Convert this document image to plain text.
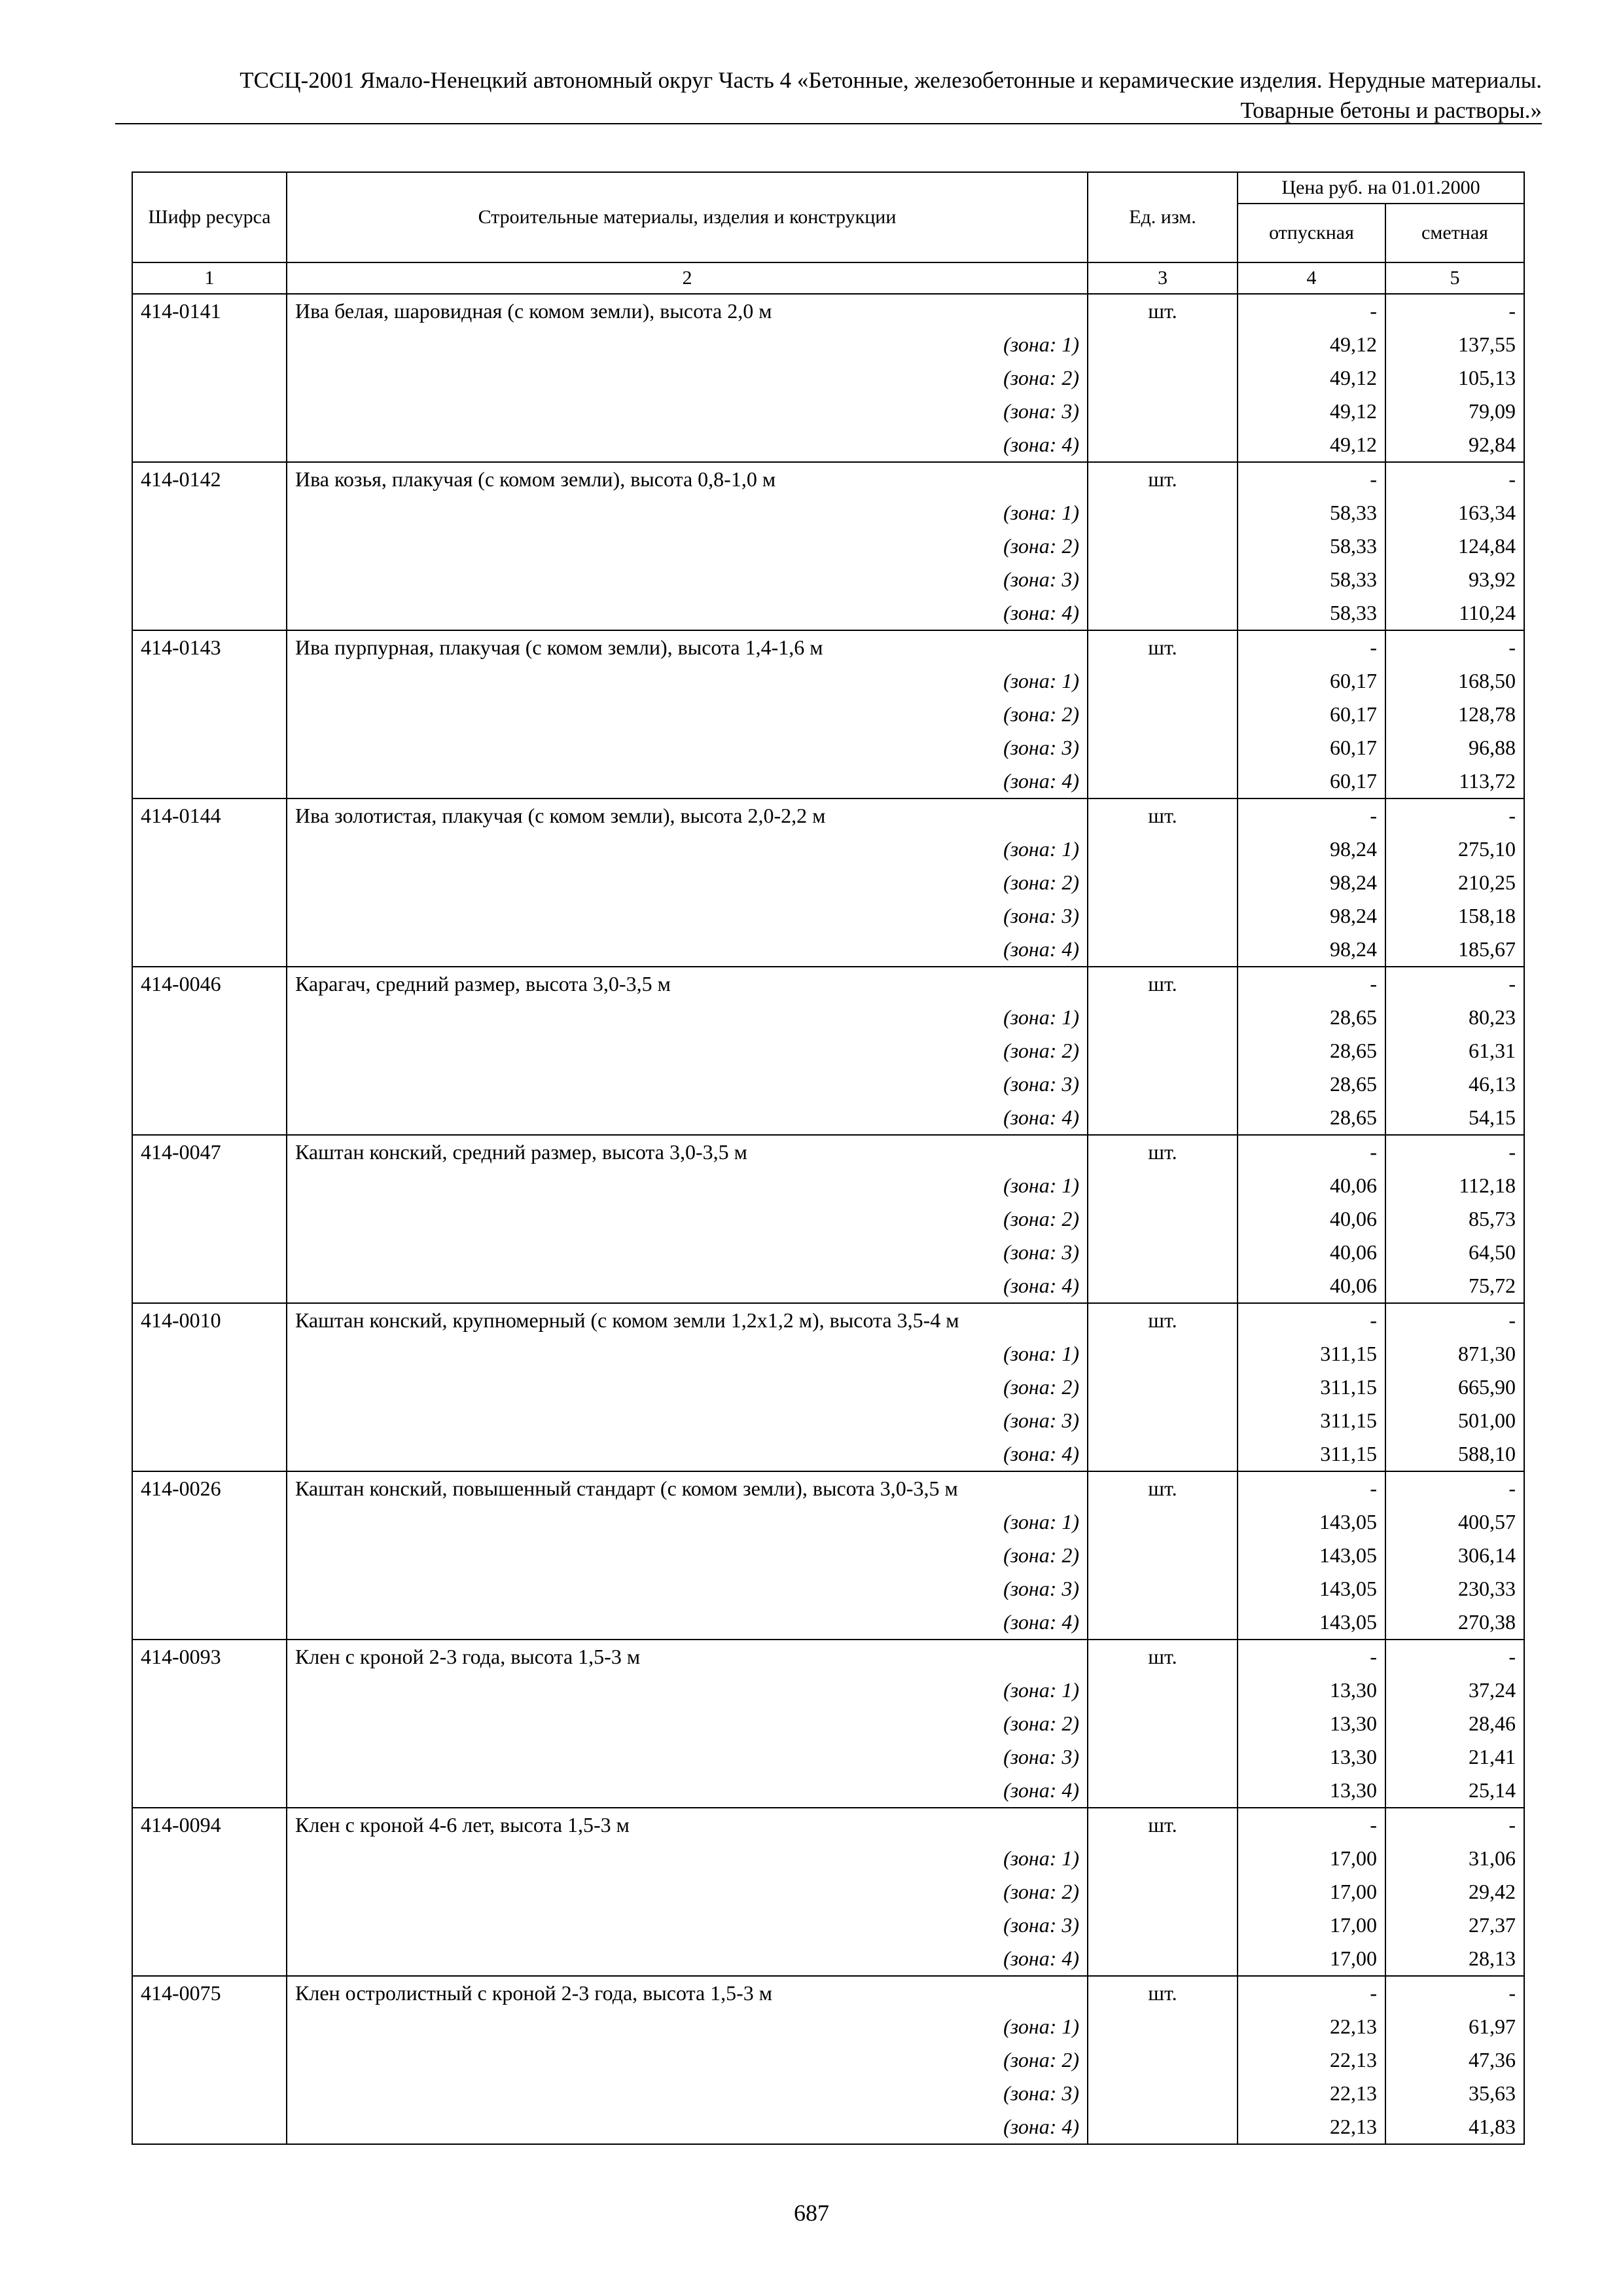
ТССЦ-2001 Ямало-Ненецкий автономный округ Часть 4 «Бетонные, железобетонные и керамические изделия. Нерудные материалы.
Товарные бетоны и растворы.»
Шифр ресурса	Строительные материалы, изделия и конструкции	Ед. изм.	Цена руб. на 01.01.2000	
			отпускная	сметная
1	2	3	4	5
414-0141	Ива белая, шаровидная (с комом земли), высота 2,0 м	шт.	-	-
	(зона: 1)		49,12	137,55
	(зона: 2)		49,12	105,13
	(зона: 3)		49,12	79,09
	(зона: 4)		49,12	92,84
414-0142	Ива козья, плакучая (с комом земли), высота 0,8-1,0 м	шт.	-	-
	(зона: 1)		58,33	163,34
	(зона: 2)		58,33	124,84
	(зона: 3)		58,33	93,92
	(зона: 4)		58,33	110,24
414-0143	Ива пурпурная, плакучая (с комом земли), высота 1,4-1,6 м	шт.	-	-
	(зона: 1)		60,17	168,50
	(зона: 2)		60,17	128,78
	(зона: 3)		60,17	96,88
	(зона: 4)		60,17	113,72
414-0144	Ива золотистая, плакучая (с комом земли), высота 2,0-2,2 м	шт.	-	-
	(зона: 1)		98,24	275,10
	(зона: 2)		98,24	210,25
	(зона: 3)		98,24	158,18
	(зона: 4)		98,24	185,67
414-0046	Карагач, средний размер, высота 3,0-3,5 м	шт.	-	-
	(зона: 1)		28,65	80,23
	(зона: 2)		28,65	61,31
	(зона: 3)		28,65	46,13
	(зона: 4)		28,65	54,15
414-0047	Каштан конский, средний размер, высота 3,0-3,5 м	шт.	-	-
	(зона: 1)		40,06	112,18
	(зона: 2)		40,06	85,73
	(зона: 3)		40,06	64,50
	(зона: 4)		40,06	75,72
414-0010	Каштан конский, крупномерный (с комом земли 1,2х1,2 м), высота 3,5-4 м	шт.	-	-
	(зона: 1)		311,15	871,30
	(зона: 2)		311,15	665,90
	(зона: 3)		311,15	501,00
	(зона: 4)		311,15	588,10
414-0026	Каштан конский, повышенный стандарт (с комом земли), высота 3,0-3,5 м	шт.	-	-
	(зона: 1)		143,05	400,57
	(зона: 2)		143,05	306,14
	(зона: 3)		143,05	230,33
	(зона: 4)		143,05	270,38
414-0093	Клен с кроной 2-3 года, высота 1,5-3 м	шт.	-	-
	(зона: 1)		13,30	37,24
	(зона: 2)		13,30	28,46
	(зона: 3)		13,30	21,41
	(зона: 4)		13,30	25,14
414-0094	Клен с кроной 4-6 лет, высота 1,5-3 м	шт.	-	-
	(зона: 1)		17,00	31,06
	(зона: 2)		17,00	29,42
	(зона: 3)		17,00	27,37
	(зона: 4)		17,00	28,13
414-0075	Клен остролистный с кроной 2-3 года, высота 1,5-3 м	шт.	-	-
	(зона: 1)		22,13	61,97
	(зона: 2)		22,13	47,36
	(зона: 3)		22,13	35,63
	(зона: 4)		22,13	41,83
687
